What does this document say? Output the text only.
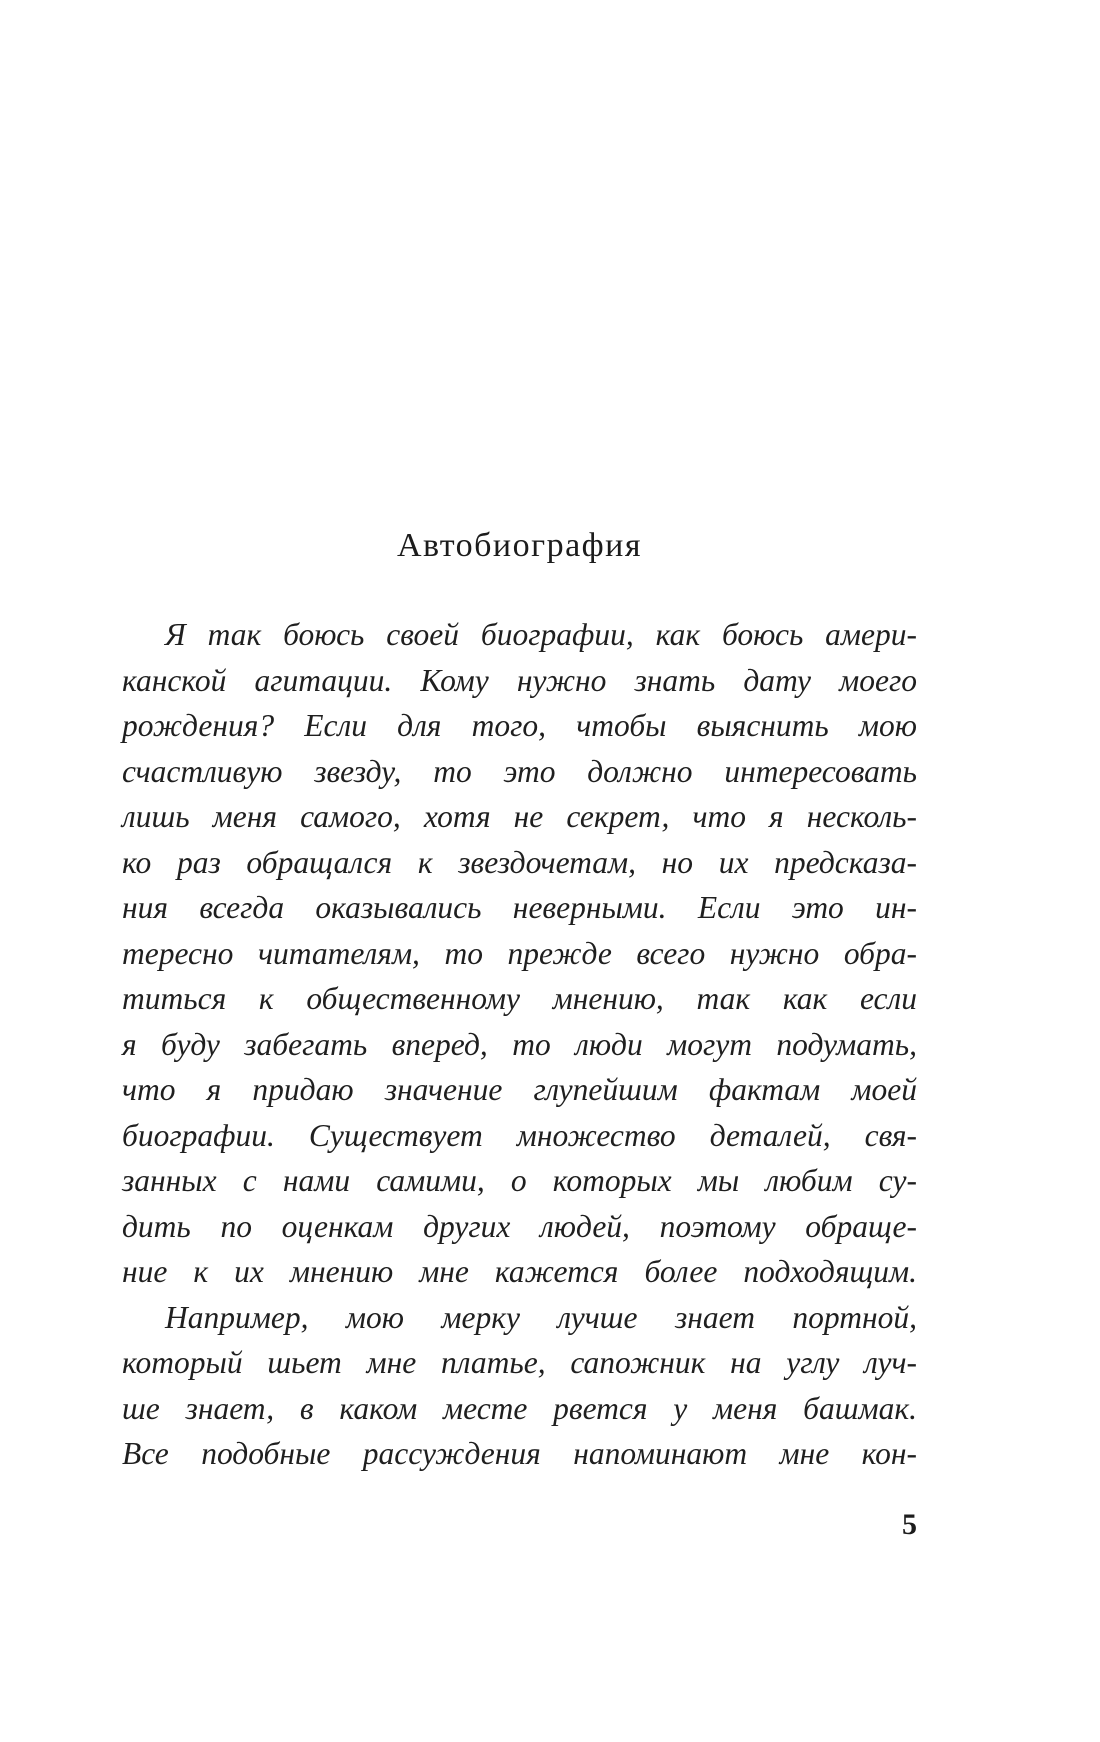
Автобиография
Я так боюсь своей биографии, как боюсь амери-
канской агитации. Кому нужно знать дату моего
рождения? Если для того, чтобы выяснить мою
счастливую звезду, то это должно интересовать
лишь меня самого, хотя не секрет, что я несколь-
ко раз обращался к звездочетам, но их предсказа-
ния всегда оказывались неверными. Если это ин-
тересно читателям, то прежде всего нужно обра-
титься к общественному мнению, так как если
я буду забегать вперед, то люди могут подумать,
что я придаю значение глупейшим фактам моей
биографии. Существует множество деталей, свя-
занных с нами самими, о которых мы любим су-
дить по оценкам других людей, поэтому обраще-
ние к их мнению мне кажется более подходящим.
Например, мою мерку лучше знает портной,
который шьет мне платье, сапожник на углу луч-
ше знает, в каком месте рвется у меня башмак.
Все подобные рассуждения напоминают мне кон-
5
